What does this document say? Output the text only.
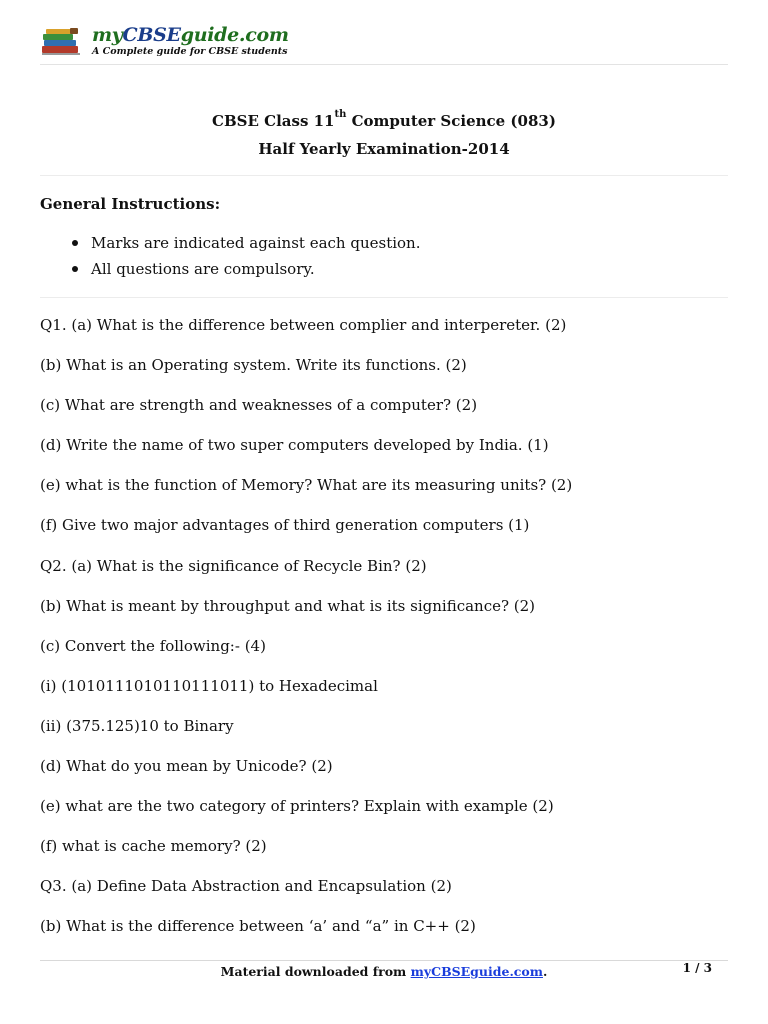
myCBSEguide.com
A Complete guide for CBSE students
CBSE Class 11th Computer Science (083)
Half Yearly Examination-2014
General Instructions:
Marks are indicated against each question.
All questions are compulsory.
Q1. (a) What is the difference between complier and interpereter. (2)
(b) What is an Operating system. Write its functions. (2)
(c) What are strength and weaknesses of a computer? (2)
(d) Write the name of two super computers developed by India. (1)
(e) what is the function of Memory? What are its measuring units? (2)
(f) Give two major advantages of third generation computers (1)
Q2. (a) What is the significance of Recycle Bin? (2)
(b) What is meant by throughput and what is its significance? (2)
(c) Convert the following:- (4)
(i) (1010111010110111011) to Hexadecimal
(ii) (375.125)10 to Binary
(d) What do you mean by Unicode? (2)
(e) what are the two category of printers? Explain with example (2)
(f) what is cache memory? (2)
Q3. (a) Define Data Abstraction and Encapsulation (2)
(b) What is the difference between ‘a’ and “a” in C++ (2)
Material downloaded from myCBSEguide.com.	1 / 3
